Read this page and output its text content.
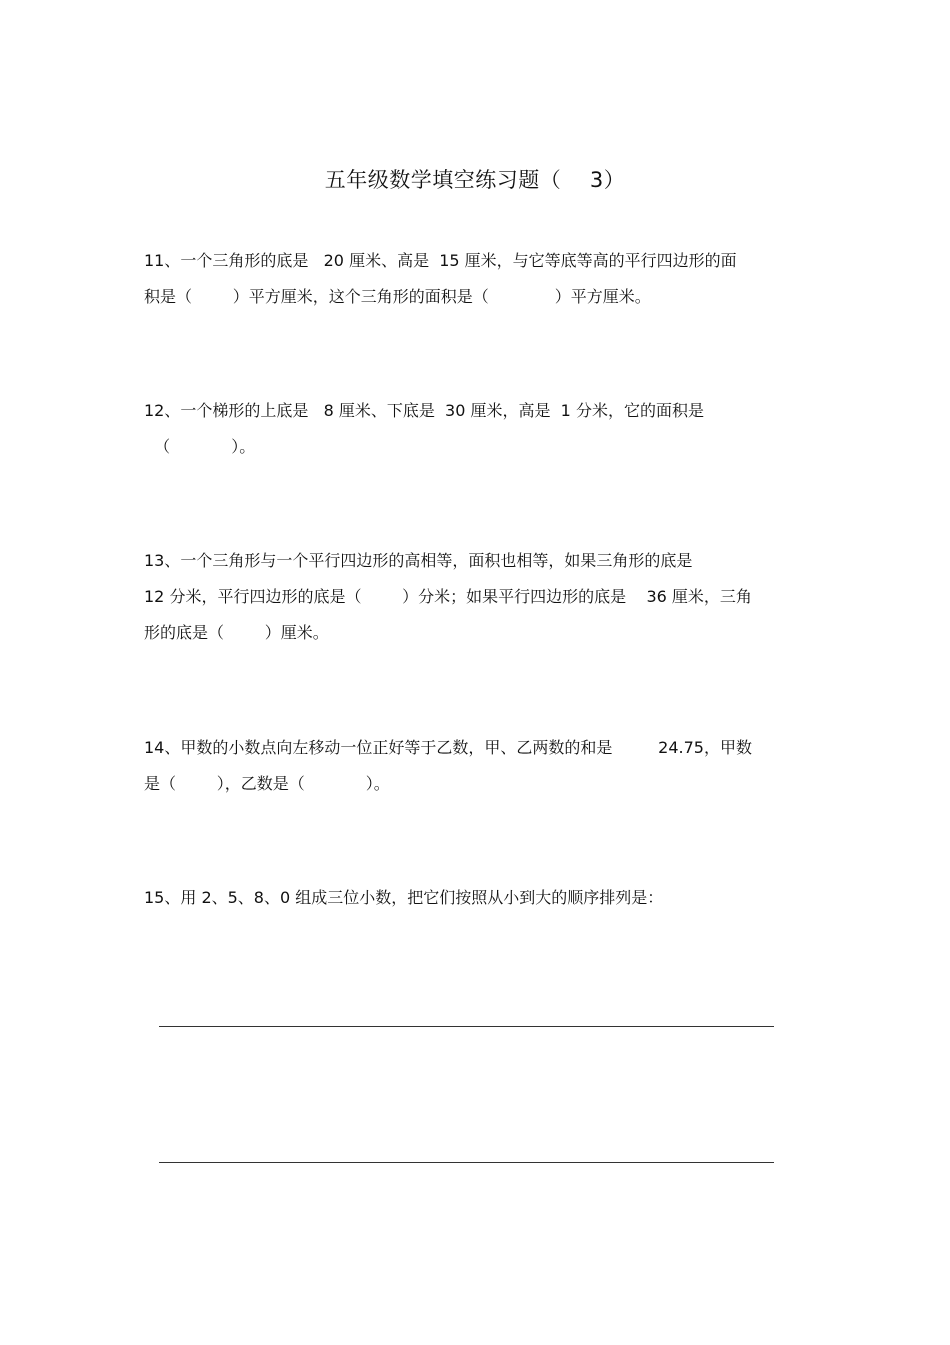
五年级数学填空练习题（    3）
11、一个三角形的底是   20 厘米、高是  15 厘米，与它等底等高的平行四边形的面
积是（        ）平方厘米，这个三角形的面积是（             ）平方厘米。
12、一个梯形的上底是   8 厘米、下底是  30 厘米，高是  1 分米，它的面积是
（            ）。
13、一个三角形与一个平行四边形的高相等，面积也相等，如果三角形的底是
12 分米，平行四边形的底是（        ）分米；如果平行四边形的底是    36 厘米，三角
形的底是（        ）厘米。
14、甲数的小数点向左移动一位正好等于乙数，甲、乙两数的和是         24.75，甲数
是（        ），乙数是（            ）。
15、用 2、5、8、0 组成三位小数，把它们按照从小到大的顺序排列是：
